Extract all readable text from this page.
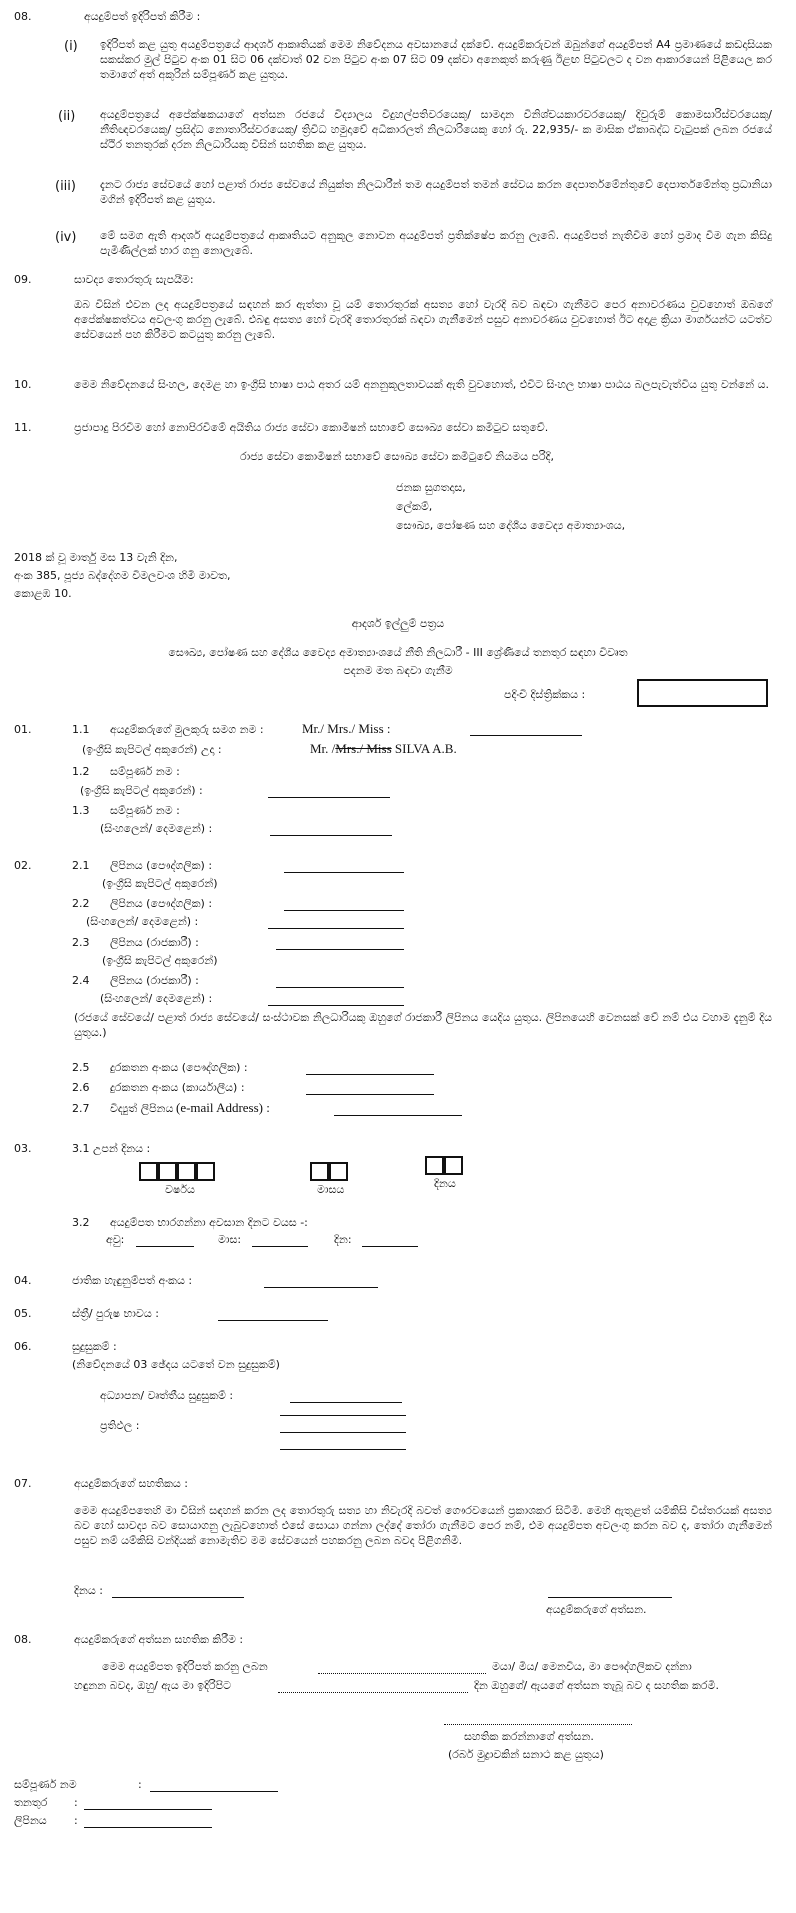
08.	අයදුම්පත් ඉදිරිපත් කිරීම :
(i) ඉදිරිපත් කළ යුතු අයදුම්පත්‍රයේ ආදර්ශ ආකෘතියක් මෙම නිවේදනය අවසානයේ දක්වේ. අයදුම්කරුවන් ඔබුන්ගේ අයදුම්පත් A4 ප්‍රමාණයේ කඩදාසියක සකස්කර මුල් පිටුව අංක 01 සිට 06 දක්වාත් 02 වන පිටුව අංක 07 සිට 09 දක්වා අනෙකුත් කරුණු ඊළඟ පිටුවලට ද වන ආකාරයෙන් පිළියෙල කර තමාගේ අත් අකුරින් සම්පූර්ණ කළ යුතුය.
(ii) අයදුම්පත්‍රයේ අපේක්ෂකයාගේ අත්සන රජයේ විද්‍යාලය විදුහල්පතිවරයෙකු/ සාමදාන විනිශ්චයකාරවරයෙකු/ දිවුරුම් කොමසාරිස්වරයෙකු/ නීතිඥවරයෙකු/ ප්‍රසිද්ධ නොතාරිස්වරයෙකු/ ත්‍රිවිධ හමුදාවේ අධිකාරලත් නිලධාරියෙකු හෝ රු. 22,935/- ක මාසික ඒකාබද්ධ වැටුපක් ලබන රජයේ ස්ථිර තනතුරක් දරන නිලධාරියකු විසින් සහතික කළ යුතුය.
(iii) දැනට රාජ්‍ය සේවයේ හෝ පළාත් රාජ්‍ය සේවයේ නියුක්ත නිලධාරීන් තම අයදුම්පත් තමන් සේවය කරන දෙපාර්තමේන්තුවේ දෙපාර්තමේන්තු ප්‍රධානියා මගින් ඉදිරිපත් කළ යුතුය.
(iv) මේ සමග ඇති ආදර්ශ අයදුම්පත්‍රයේ ආකෘතියට අනුකූල නොවන අයදුම්පත් ප්‍රතික්ෂේප කරනු ලැබේ. අයදුම්පත් නැතිවීම හෝ ප්‍රමාද වීම ගැන කිසිදු පැමිණිල්ලක් භාර ගනු නොලැබේ.
09.	සාවද්‍ය තොරතුරු සැපයීම:
ඔබ විසින් එවන ලද අයදුම්පත්‍රයේ සඳහන් කර ඇත්තා වූ යම් තොරතුරක් අසත්‍ය හෝ වැරදි බව බඳවා ගැනීමට පෙර අනාවරණය වුවහොත් ඔබගේ අපේක්ෂකත්වය අවලංගු කරනු ලැබේ. එබඳු අසත්‍ය හෝ වැරදි තොරතුරක් බඳවා ගැනීමෙන් පසුව අනාවරණය වුවහොත් ඊට අදාළ ක්‍රියා මාර්ගයන්ට යටත්ව සේවයෙන් පහ කිරීමට කටයුතු කරනු ලැබේ.
10.	මෙම නිවේදනයේ සිංහල, දෙමළ හා ඉංග්‍රීසි භාෂා පාඨ අතර යම් අනනුකූලතාවයක් ඇති වුවහොත්, එවිට සිංහල භාෂා පාඨය බලපැවැත්විය යුතු වන්නේ ය.
11.	ප්‍රජාපාදු පිරවීම හෝ නොපිරවීමේ අයිතිය රාජ්‍ය සේවා කොමිෂන් සභාවේ සෞඛ්‍ය සේවා කමිටුව සතුවේ.
රාජ්‍ය සේවා කොමිෂන් සභාවේ සෞඛ්‍ය සේවා කමිටුවේ නියමය පරිදි,
ජනක සුගතදාස,
ලේකම්,
සෞඛ්‍ය, පෝෂණ සහ දේශීය වෛද්‍ය අමාත්‍යාංශය,
2018 ක් වූ මාර්තු මස 13 වැනි දින,
අංක 385, පූජ්‍ය බද්දේගම විමලවංශ හිමි මාවත,
කොළඹ 10.
ආදර්ශ ඉල්ලුම් පත්‍රය
සෞඛ්‍ය, පෝෂණ සහ දේශීය වෛද්‍ය අමාත්‍යාංශයේ නීති නිලධාරී - III ශ්‍රේණියේ තනතුර සඳහා විවෘත
පදනම මත බඳවා ගැනීම
පදිංචි දිස්ත්‍රික්කය :
01.	1.1 අයදුම්කරුගේ මුලකුරු සමග නම :	Mr./ Mrs./ Miss :
(ඉංග්‍රීසි කැපිටල් අකුරෙන්) උදා :	Mr. /Mrs./ Miss SILVA A.B.
1.2 සම්පූර්ණ නම :
(ඉංග්‍රීසි කැපිටල් අකුරෙන්) :
1.3 සම්පූර්ණ නම :
(සිංහලෙන්/ දෙමළෙන්) :
02.	2.1 ලිපිනය (පෞද්ගලික) :
(ඉංග්‍රීසි කැපිටල් අකුරෙන්)
2.2 ලිපිනය (පෞද්ගලික) :
(සිංහලෙන්/ දෙමළෙන්) :
2.3 ලිපිනය (රාජකාරී) :
(ඉංග්‍රීසි කැපිටල් අකුරෙන්)
2.4 ලිපිනය (රාජකාරී) :
(සිංහලෙන්/ දෙමළෙන්) :
(රජයේ සේවයේ/ පළාත් රාජ්‍ය සේවයේ/ සංස්ථාවක නිලධාරියකු ඔහුගේ රාජකාරී ලිපිනය යෙදිය යුතුය. ලිපිනයෙහි වෙනසක් වේ නම් එය වහාම දැනුම් දිය යුතුය.)
2.5 දුරකතන අංකය (පෞද්ගලික) :
2.6 දුරකතන අංකය (කාර්යාලීය) :
2.7 විද්‍යුත් ලිපිනය (e-mail Address) :
03.	3.1 උපන් දිනය :
වර්ෂය	මාසය	දිනය
3.2 අයදුම්පත භාරගන්නා අවසාන දිනට වයස -:
අවු:	මාස:	දින:
04.	ජාතික හැඳුනුම්පත් අංකය :
05.	ස්ත්‍රී/ පුරුෂ භාවය :
06.	සුදුසුකම් :
(නිවේදනයේ 03 ඡේදය යටතේ වන සුදුසුකම්)
අධ්‍යාපන/ වෘත්තීය සුදුසුකම් :
ප්‍රතිඵල :
07.	අයදුම්කරුගේ සහතිකය :
මෙම අයදුම්පතෙහි මා විසින් සඳහන් කරන ලද තොරතුරු සත්‍ය හා නිවැරදි බවත් ගෞරවයෙන් ප්‍රකාශකර සිටිමි. මෙහි ඇතුළත් යම්කිසි විස්තරයක් අසත්‍ය බව හෝ සාවද්‍ය බව සොයාගනු ලැබුවහොත් එසේ සොයා ගන්නා ලද්දේ තෝරා ගැනීමට පෙර නම්, එම අයදුම්පත අවලංගු කරන බව ද, තෝරා ගැනීමෙන් පසුව නම් යම්කිසි වන්දියක් නොමැතිව මම සේවයෙන් පහකරනු ලබන බවද පිළිගනිමි.
දිනය :
අයදුම්කරුගේ අත්සන.
08.	අයදුම්කරුගේ අත්සන සහතික කිරීම :
මෙම අයදුම්පත ඉදිරිපත් කරනු ලබන	මයා/ මිය/ මෙනවිය, මා පෞද්ගලිකව දන්නා
හඳුනන බවද, ඔහු/ ඇය මා ඉදිරිපිට	දින ඔහුගේ/ ඇයගේ අත්සන තැබූ බව ද සහතික කරමි.
සහතික කරන්නාගේ අත්සන.
(රබර් මුද්‍රාවකින් සනාථ කළ යුතුය)
සම්පූර්ණ නම	:
තනතුර :
ලිපිනය :
